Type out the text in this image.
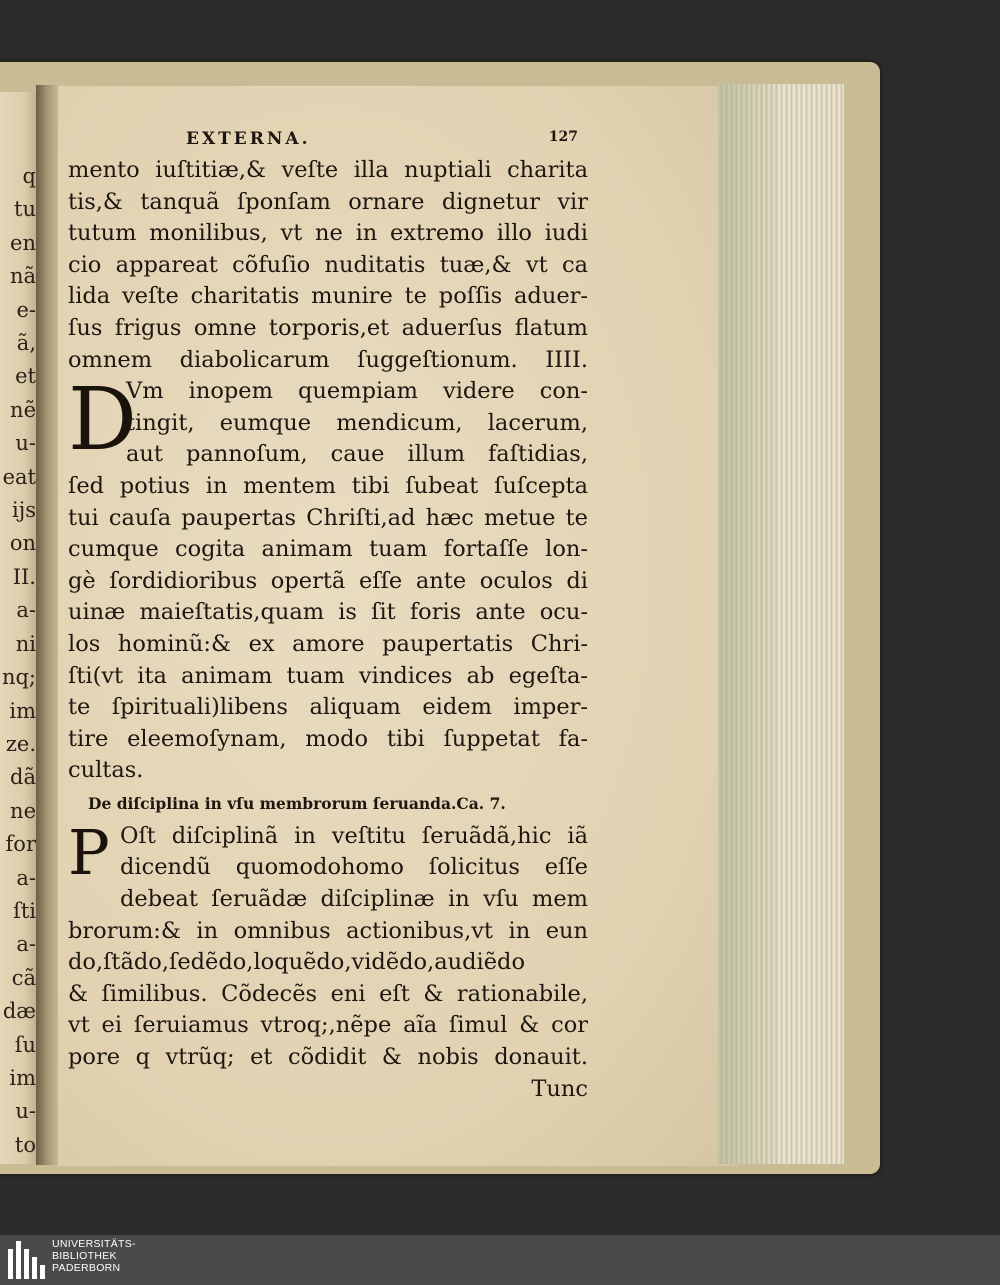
q
tu
en
nã
e-
ã,
et
nẽ
u-
eat
ijs
on
II.
a-
ni
nq;
im
ze.
dã
ne
for
a-
ſti
a-
cã
dæ
ſu
im
u-
to
EXTERNA.	127
mento iuſtitiæ,& veſte illa nuptiali charita
tis,& tanquã ſponſam ornare dignetur vir
tutum monilibus, vt ne in extremo illo iudi
cio appareat cõfuſio nuditatis tuæ,& vt ca
lida veſte charitatis munire te poſſis aduer-
ſus frigus omne torporis,et aduerſus flatum
omnem diabolicarum ſuggeſtionum. IIII.
D
Vm inopem quempiam videre con-
tingit, eumque mendicum, lacerum,
aut pannoſum, caue illum faſtidias,
ſed potius in mentem tibi ſubeat ſuſcepta
tui cauſa paupertas Chriſti,ad hæc metue te
cumque cogita animam tuam fortaſſe lon-
gè ſordidioribus opertã eſſe ante oculos di
uinæ maieſtatis,quam is ſit foris ante ocu-
los hominũ:& ex amore paupertatis Chri-
ſti(vt ita animam tuam vindices ab egeſta-
te ſpirituali)libens aliquam eidem imper-
tire eleemoſynam, modo tibi ſuppetat fa-
cultas.
De diſciplina in vſu membrorum ſeruanda.Ca. 7.
P Oſt diſciplinã in veſtitu ſeruãdã,hic iã
dicendũ quomodohomo ſolicitus eſſe
debeat ſeruãdæ diſciplinæ in vſu mem
brorum:& in omnibus actionibus,vt in eun
do,ſtãdo,ſedẽdo,loquẽdo,vidẽdo,audiẽdo
& ſimilibus. Cõdecẽs eni eſt & rationabile,
vt ei ſeruiamus vtroq;,nẽpe aĩa ſimul & cor
pore q vtrũq; et cõdidit & nobis donauit.
Tunc
UNIVERSITÄTS-
BIBLIOTHEK
PADERBORN
